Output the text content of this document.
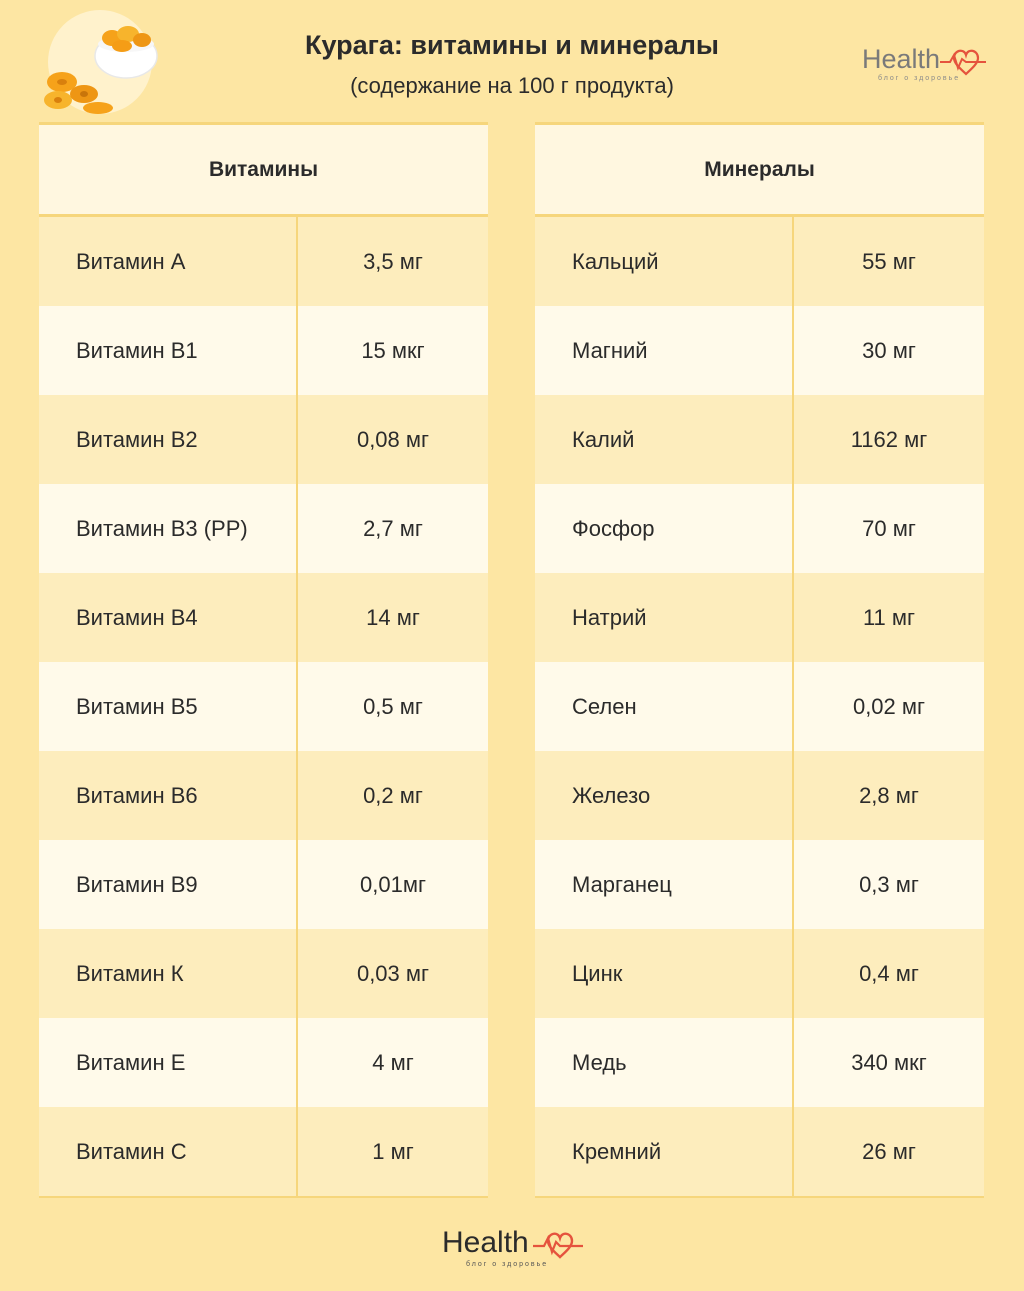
Курага: витамины и минералы
(содержание на 100 г продукта)
Health
блог о здоровье
Витамины
Витамин А	3,5 мг
Витамин В1	15 мкг
Витамин В2	0,08 мг
Витамин В3 (РР)	2,7 мг
Витамин В4	14 мг
Витамин В5	0,5 мг
Витамин В6	0,2 мг
Витамин В9	0,01мг
Витамин К	0,03 мг
Витамин Е	4 мг
Витамин С	1 мг
Минералы
Кальций	55 мг
Магний	30 мг
Калий	1162 мг
Фосфор	70 мг
Натрий	11 мг
Селен	0,02 мг
Железо	2,8 мг
Марганец	0,3 мг
Цинк	0,4 мг
Медь	340 мкг
Кремний	26 мг
Health
блог о здоровье
